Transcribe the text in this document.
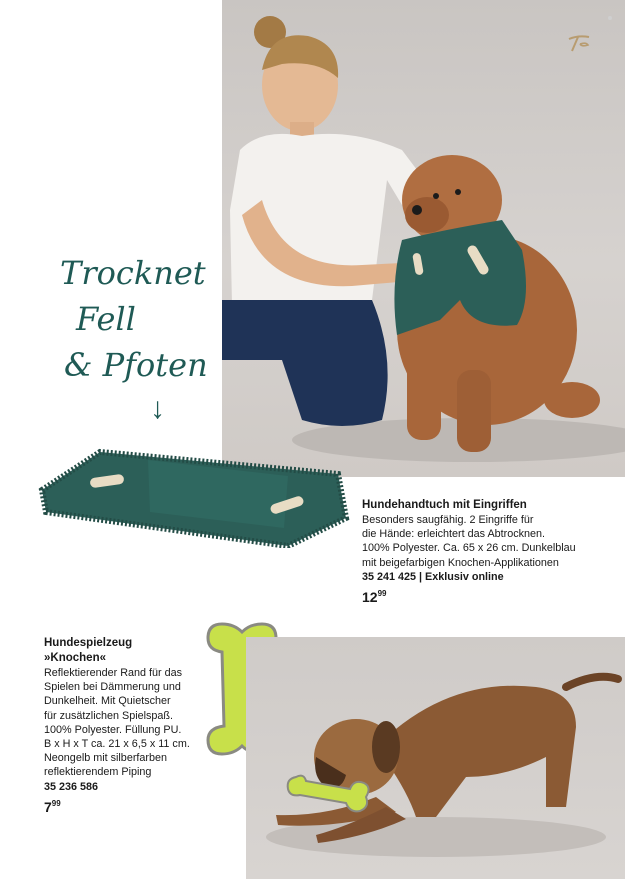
Trocknet
Fell
& Pfoten
↓
Hundehandtuch mit Eingriffen
Besonders saugfähig. 2 Eingriffe für
die Hände: erleichtert das Abtrocknen.
100% Polyester. Ca. 65 x 26 cm. Dunkelblau
mit beigefarbigen Knochen-Applikationen
35 241 425 | Exklusiv online
$12^{99}$
Hundespielzeug
»Knochen«
Reflektierender Rand für das
Spielen bei Dämmerung und
Dunkelheit. Mit Quietscher
für zusätzlichen Spielspaß.
100% Polyester. Füllung PU.
B x H x T ca. 21 x 6,5 x 11 cm.
Neongelb mit silberfarben
reflektierendem Piping
35 236 586
$7^{99}$
